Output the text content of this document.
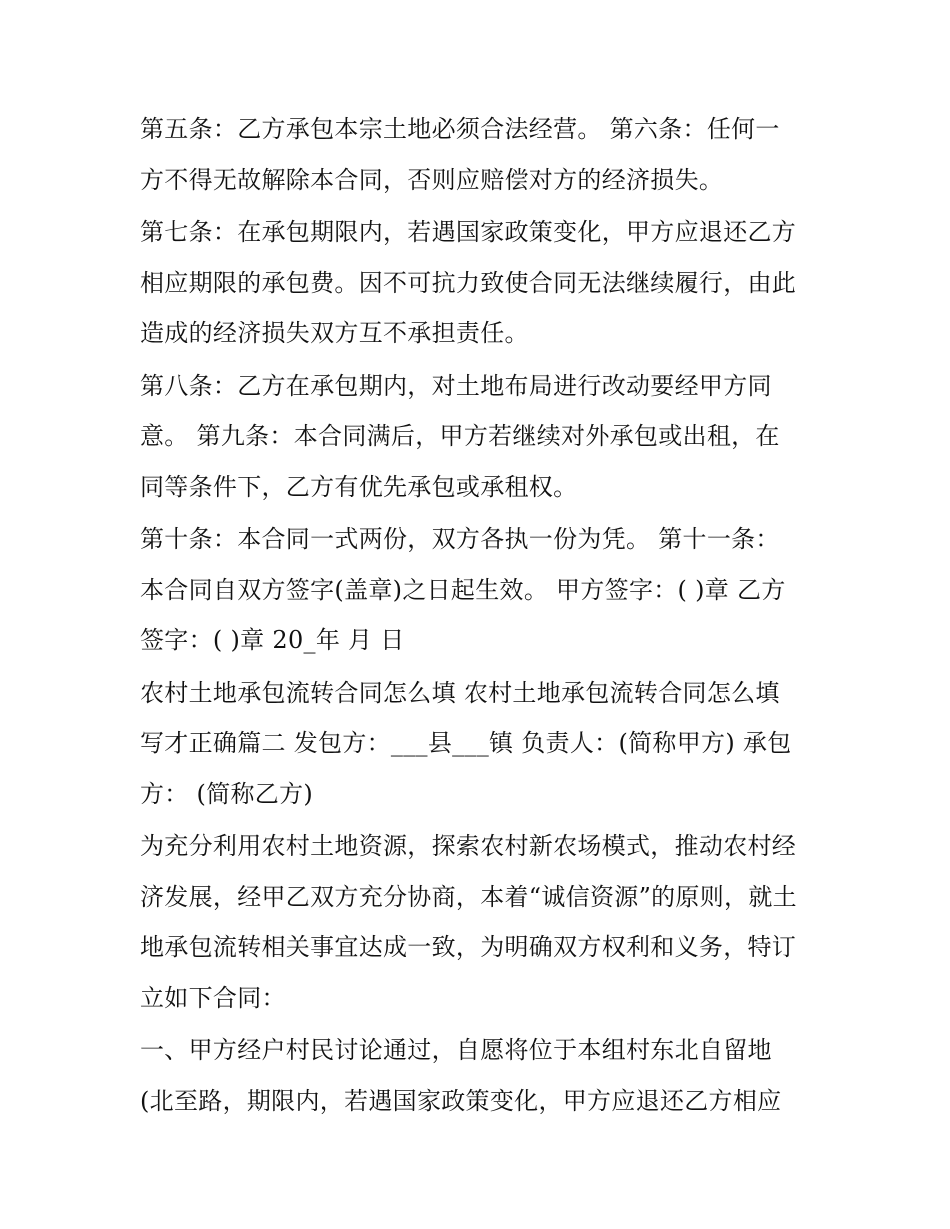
第五条：乙方承包本宗土地必须合法经营。 第六条：任何一
方不得无故解除本合同，否则应赔偿对方的经济损失。
第七条：在承包期限内，若遇国家政策变化，甲方应退还乙方
相应期限的承包费。因不可抗力致使合同无法继续履行，由此
造成的经济损失双方互不承担责任。
第八条：乙方在承包期内，对土地布局进行改动要经甲方同
意。 第九条：本合同满后，甲方若继续对外承包或出租，在
同等条件下，乙方有优先承包或承租权。
第十条：本合同一式两份，双方各执一份为凭。 第十一条：
本合同自双方签字(盖章)之日起生效。 甲方签字：( )章 乙方
签字：( )章 20_年 月 日
农村土地承包流转合同怎么填 农村土地承包流转合同怎么填
写才正确篇二 发包方：___县___镇 负责人：(简称甲方) 承包
方： (简称乙方)
为充分利用农村土地资源，探索农村新农场模式，推动农村经
济发展，经甲乙双方充分协商，本着“诚信资源”的原则，就土
地承包流转相关事宜达成一致，为明确双方权利和义务，特订
立如下合同：
一、甲方经户村民讨论通过，自愿将位于本组村东北自留地
(北至路，期限内，若遇国家政策变化，甲方应退还乙方相应
